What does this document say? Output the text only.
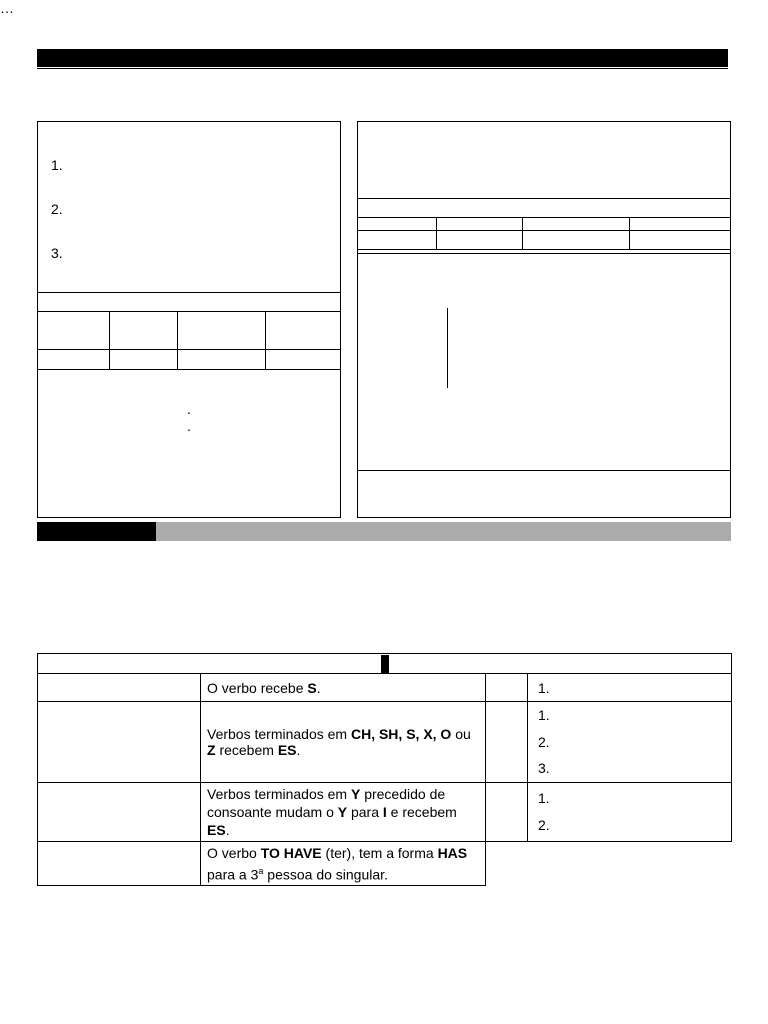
1.
2.
3.

.
.

…

	O verbo recebe S.		1.

	Verbos terminados em CH, SH, S, X, O ou Z recebem ES.		1.
2.
3.

	Verbos terminados em Y precedido de consoante mudam o Y para I e recebem ES.		1.
2.

	O verbo TO HAVE (ter), tem a forma HAS para a 3$^a$ pessoa do singular.		
